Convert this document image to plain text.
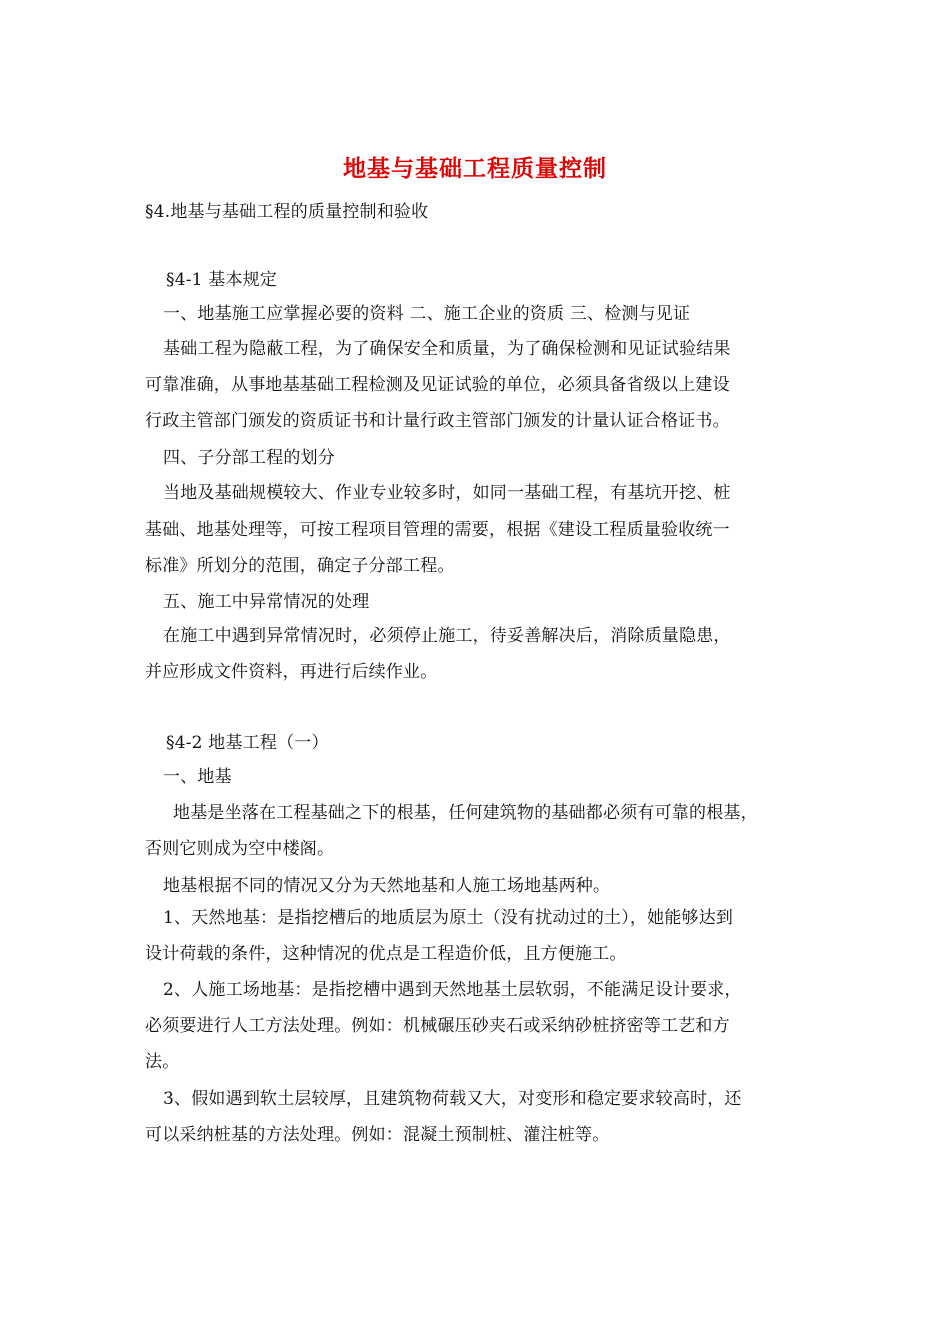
地基与基础工程质量控制
§4.地基与基础工程的质量控制和验收
§4-1 基本规定
一、地基施工应掌握必要的资料 二、施工企业的资质 三、检测与见证
基础工程为隐蔽工程，为了确保安全和质量，为了确保检测和见证试验结果
可靠准确，从事地基基础工程检测及见证试验的单位，必须具备省级以上建设
行政主管部门颁发的资质证书和计量行政主管部门颁发的计量认证合格证书。
四、子分部工程的划分
当地及基础规模较大、作业专业较多时，如同一基础工程，有基坑开挖、桩
基础、地基处理等，可按工程项目管理的需要，根据《建设工程质量验收统一
标准》所划分的范围，确定子分部工程。
五、施工中异常情况的处理
在施工中遇到异常情况时，必须停止施工，待妥善解决后，消除质量隐患，
并应形成文件资料，再进行后续作业。
§4-2 地基工程（一）
一、地基
地基是坐落在工程基础之下的根基，任何建筑物的基础都必须有可靠的根基，
否则它则成为空中楼阁。
地基根据不同的情况又分为天然地基和人施工场地基两种。
1、天然地基：是指挖槽后的地质层为原土（没有扰动过的土），她能够达到
设计荷载的条件，这种情况的优点是工程造价低，且方便施工。
2、人施工场地基：是指挖槽中遇到天然地基土层软弱，不能满足设计要求，
必须要进行人工方法处理。例如：机械碾压砂夹石或采纳砂桩挤密等工艺和方
法。
3、假如遇到软土层较厚，且建筑物荷载又大，对变形和稳定要求较高时，还
可以采纳桩基的方法处理。例如：混凝土预制桩、灌注桩等。
